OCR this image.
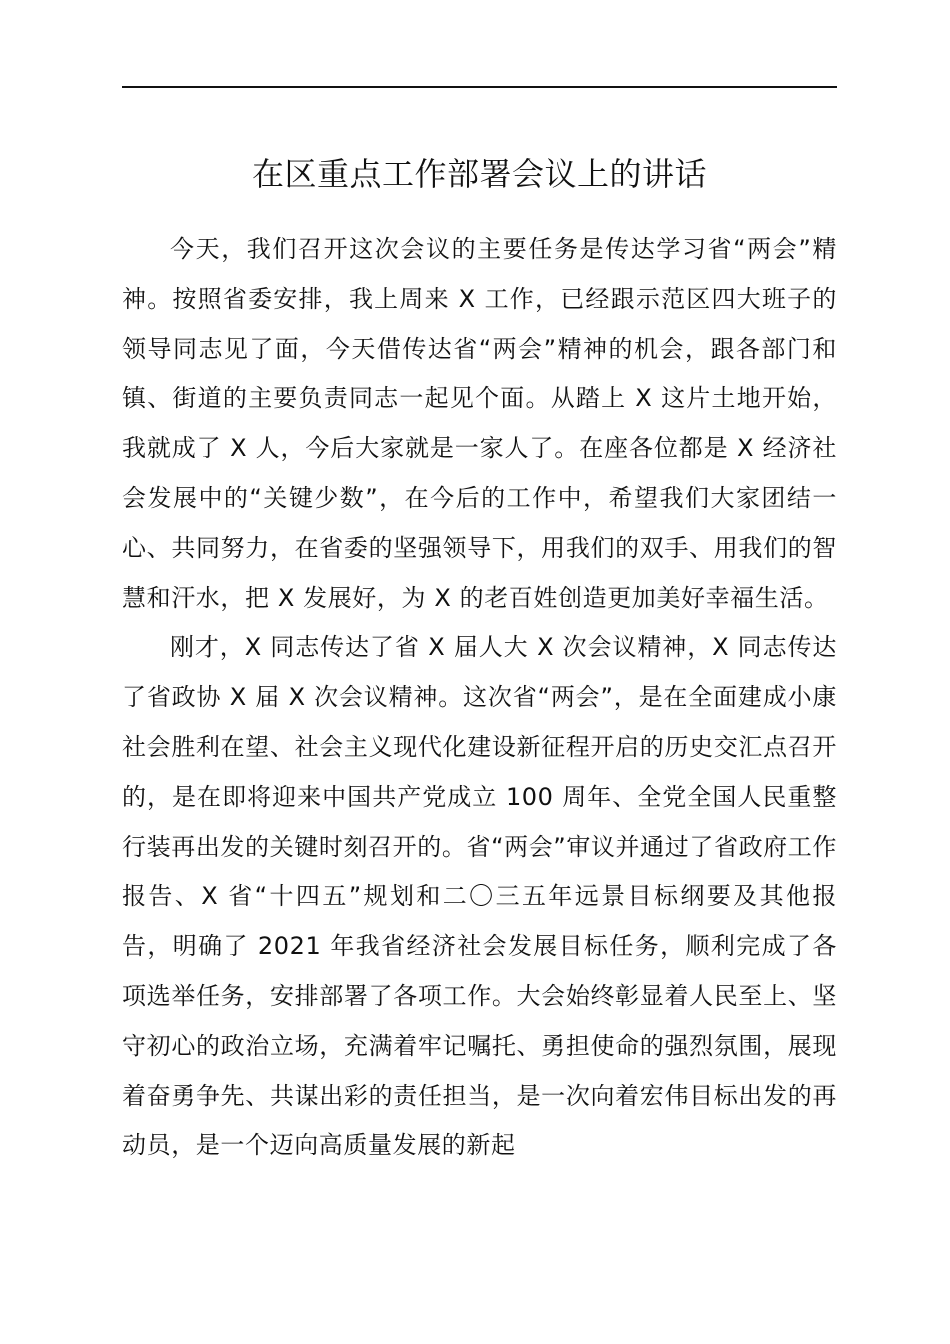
在区重点工作部署会议上的讲话

今天，我们召开这次会议的主要任务是传达学习省“两会”精神。按照省委安排，我上周来 X 工作，已经跟示范区四大班子的领导同志见了面，今天借传达省“两会”精神的机会，跟各部门和镇、街道的主要负责同志一起见个面。从踏上 X 这片土地开始，我就成了 X 人，今后大家就是一家人了。在座各位都是 X 经济社会发展中的“关键少数”，在今后的工作中，希望我们大家团结一心、共同努力，在省委的坚强领导下，用我们的双手、用我们的智慧和汗水，把 X 发展好，为 X 的老百姓创造更加美好幸福生活。

刚才，X 同志传达了省 X 届人大 X 次会议精神，X 同志传达了省政协 X 届 X 次会议精神。这次省“两会”，是在全面建成小康社会胜利在望、社会主义现代化建设新征程开启的历史交汇点召开的，是在即将迎来中国共产党成立 100 周年、全党全国人民重整行装再出发的关键时刻召开的。省“两会”审议并通过了省政府工作报告、X 省“十四五”规划和二〇三五年远景目标纲要及其他报告，明确了 2021 年我省经济社会发展目标任务，顺利完成了各项选举任务，安排部署了各项工作。大会始终彰显着人民至上、坚守初心的政治立场，充满着牢记嘱托、勇担使命的强烈氛围，展现着奋勇争先、共谋出彩的责任担当，是一次向着宏伟目标出发的再动员，是一个迈向高质量发展的新起
